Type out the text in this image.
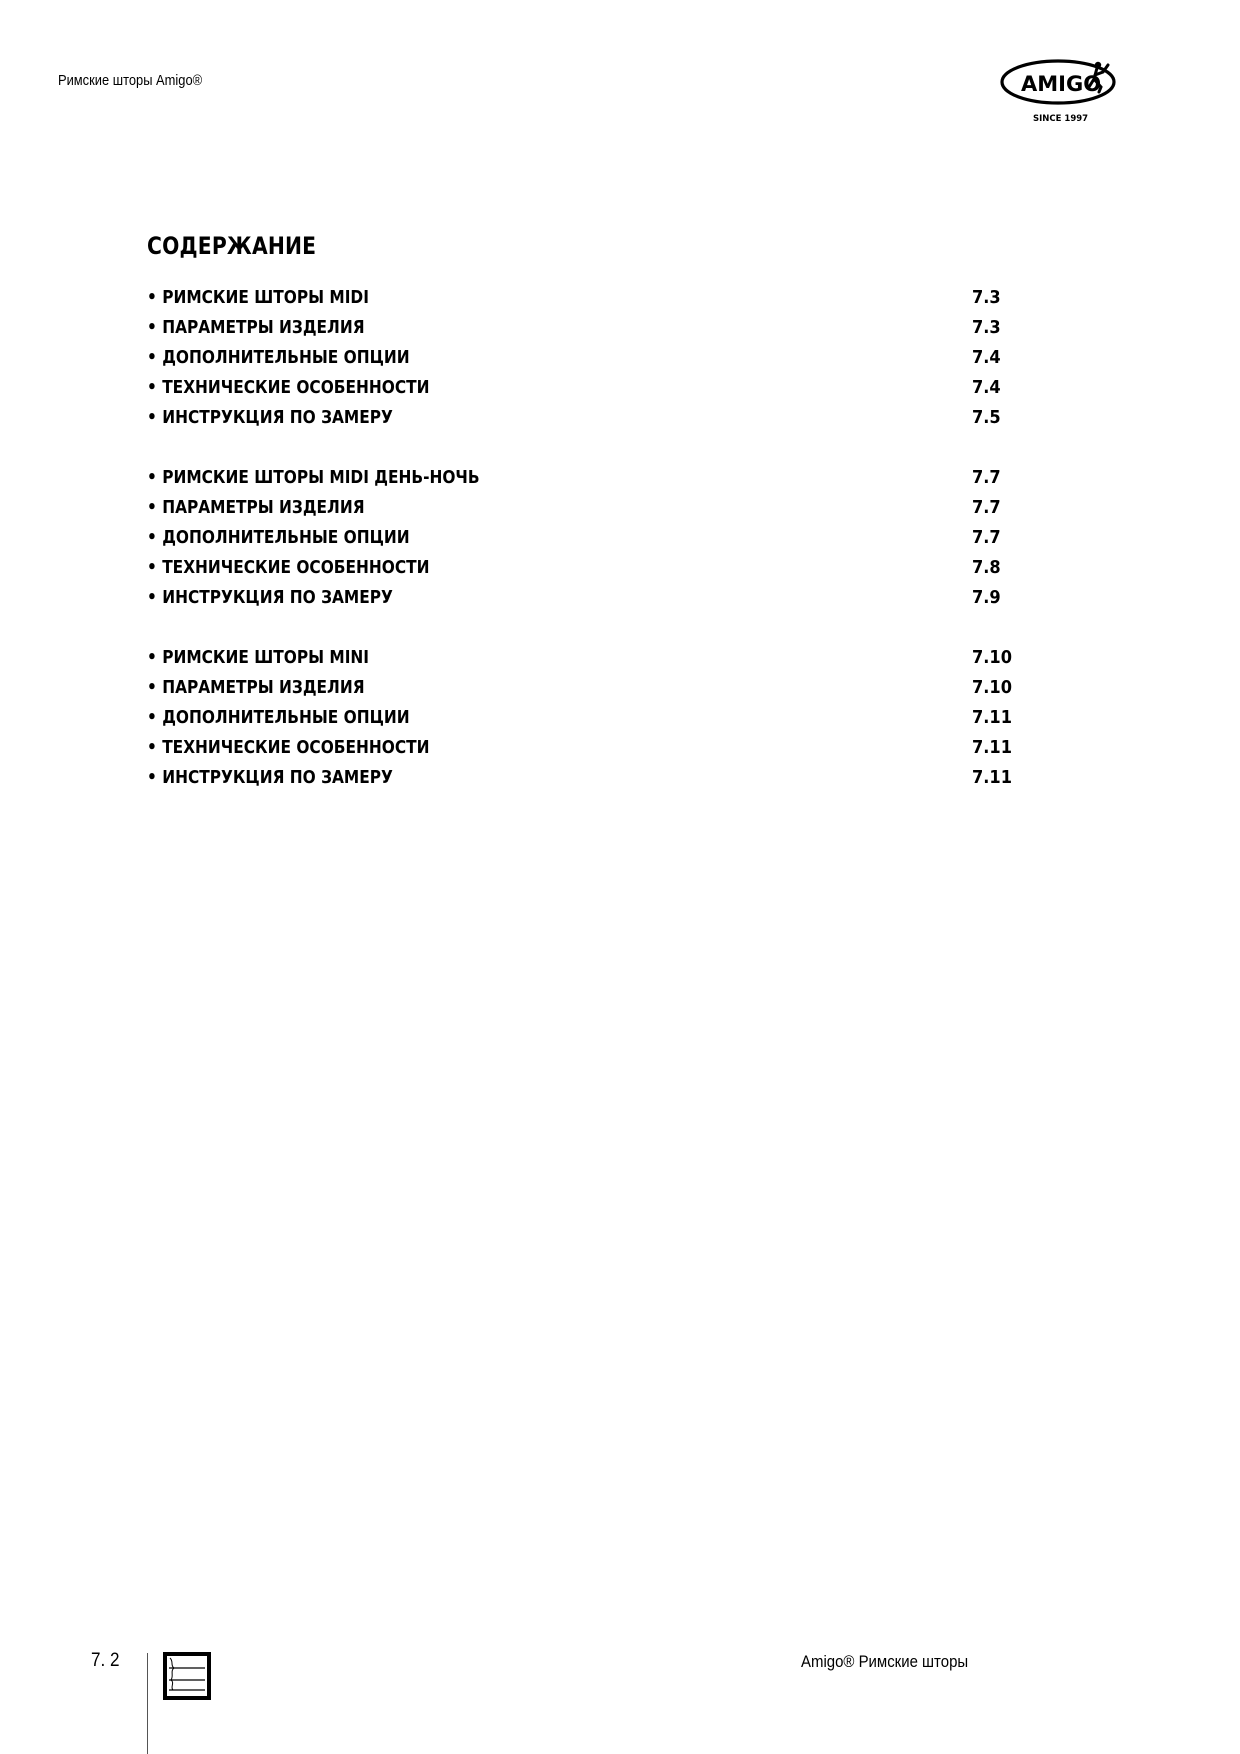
Римские шторы Amigo®	AMIGO
SINCE 1997
СОДЕРЖАНИЕ
• РИМСКИЕ ШТОРЫ MIDI	7.3
• ПАРАМЕТРЫ ИЗДЕЛИЯ	7.3
• ДОПОЛНИТЕЛЬНЫЕ ОПЦИИ	7.4
• ТЕХНИЧЕСКИЕ ОСОБЕННОСТИ	7.4
• ИНСТРУКЦИЯ ПО ЗАМЕРУ	7.5
• РИМСКИЕ ШТОРЫ MIDI ДЕНЬ-НОЧЬ	7.7
• ПАРАМЕТРЫ ИЗДЕЛИЯ	7.7
• ДОПОЛНИТЕЛЬНЫЕ ОПЦИИ	7.7
• ТЕХНИЧЕСКИЕ ОСОБЕННОСТИ	7.8
• ИНСТРУКЦИЯ ПО ЗАМЕРУ	7.9
• РИМСКИЕ ШТОРЫ MINI	7.10
• ПАРАМЕТРЫ ИЗДЕЛИЯ	7.10
• ДОПОЛНИТЕЛЬНЫЕ ОПЦИИ	7.11
• ТЕХНИЧЕСКИЕ ОСОБЕННОСТИ	7.11
• ИНСТРУКЦИЯ ПО ЗАМЕРУ	7.11
7. 2	Amigo® Римские шторы
